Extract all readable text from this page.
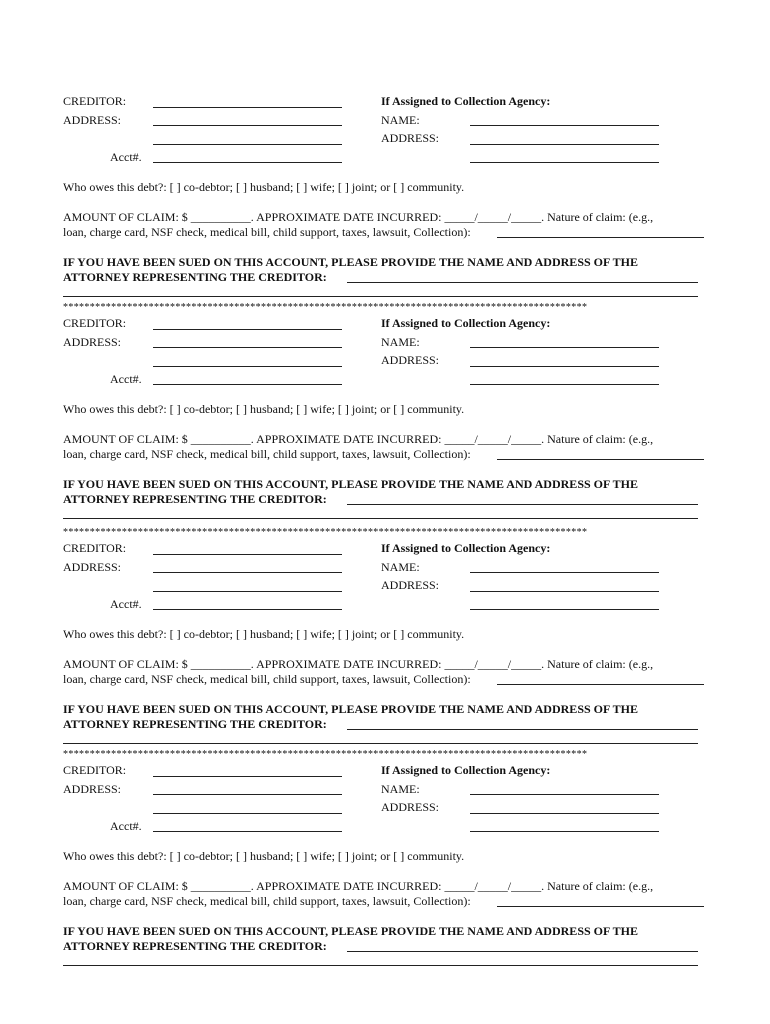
CREDITOR:
ADDRESS:
Acct#.
If Assigned to Collection Agency:
NAME:
ADDRESS:
Who owes this debt?: [ ] co-debtor; [ ] husband; [ ] wife; [ ] joint; or [ ] community.
AMOUNT OF CLAIM: $ __________. APPROXIMATE DATE INCURRED: _____/_____/_____. Nature of claim: (e.g.,
loan, charge card, NSF check, medical bill, child support, taxes, lawsuit, Collection):
IF YOU HAVE BEEN SUED ON THIS ACCOUNT, PLEASE PROVIDE THE NAME AND ADDRESS OF THE
ATTORNEY REPRESENTING THE CREDITOR:
**************************************************************************************************
CREDITOR:
ADDRESS:
Acct#.
If Assigned to Collection Agency:
NAME:
ADDRESS:
Who owes this debt?: [ ] co-debtor; [ ] husband; [ ] wife; [ ] joint; or [ ] community.
AMOUNT OF CLAIM: $ __________. APPROXIMATE DATE INCURRED: _____/_____/_____. Nature of claim: (e.g.,
loan, charge card, NSF check, medical bill, child support, taxes, lawsuit, Collection):
IF YOU HAVE BEEN SUED ON THIS ACCOUNT, PLEASE PROVIDE THE NAME AND ADDRESS OF THE
ATTORNEY REPRESENTING THE CREDITOR:
**************************************************************************************************
CREDITOR:
ADDRESS:
Acct#.
If Assigned to Collection Agency:
NAME:
ADDRESS:
Who owes this debt?: [ ] co-debtor; [ ] husband; [ ] wife; [ ] joint; or [ ] community.
AMOUNT OF CLAIM: $ __________. APPROXIMATE DATE INCURRED: _____/_____/_____. Nature of claim: (e.g.,
loan, charge card, NSF check, medical bill, child support, taxes, lawsuit, Collection):
IF YOU HAVE BEEN SUED ON THIS ACCOUNT, PLEASE PROVIDE THE NAME AND ADDRESS OF THE
ATTORNEY REPRESENTING THE CREDITOR:
**************************************************************************************************
CREDITOR:
ADDRESS:
Acct#.
If Assigned to Collection Agency:
NAME:
ADDRESS:
Who owes this debt?: [ ] co-debtor; [ ] husband; [ ] wife; [ ] joint; or [ ] community.
AMOUNT OF CLAIM: $ __________. APPROXIMATE DATE INCURRED: _____/_____/_____. Nature of claim: (e.g.,
loan, charge card, NSF check, medical bill, child support, taxes, lawsuit, Collection):
IF YOU HAVE BEEN SUED ON THIS ACCOUNT, PLEASE PROVIDE THE NAME AND ADDRESS OF THE
ATTORNEY REPRESENTING THE CREDITOR:
